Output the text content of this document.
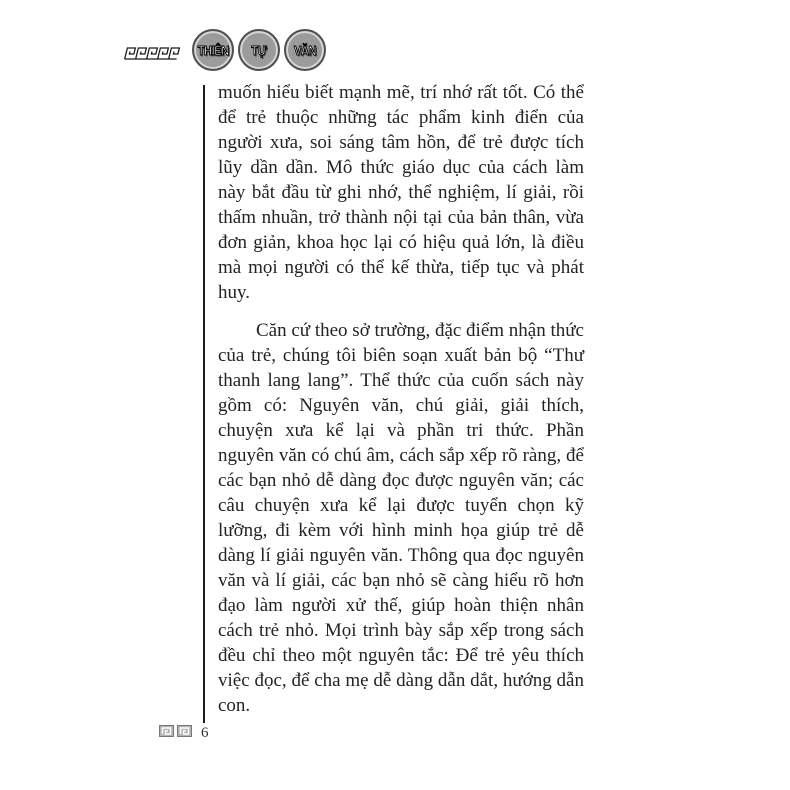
THIÊN TỰ VĂN

muốn hiểu biết mạnh mẽ, trí nhớ rất tốt. Có thể để trẻ thuộc những tác phẩm kinh điển của người xưa, soi sáng tâm hồn, để trẻ được tích lũy dần dần. Mô thức giáo dục của cách làm này bắt đầu từ ghi nhớ, thể nghiệm, lí giải, rồi thấm nhuần, trở thành nội tại của bản thân, vừa đơn giản, khoa học lại có hiệu quả lớn, là điều mà mọi người có thể kế thừa, tiếp tục và phát huy.

Căn cứ theo sở trường, đặc điểm nhận thức của trẻ, chúng tôi biên soạn xuất bản bộ “Thư thanh lang lang”. Thể thức của cuốn sách này gồm có: Nguyên văn, chú giải, giải thích, chuyện xưa kể lại và phần tri thức. Phần nguyên văn có chú âm, cách sắp xếp rõ ràng, để các bạn nhỏ dễ dàng đọc được nguyên văn; các câu chuyện xưa kể lại được tuyển chọn kỹ lưỡng, đi kèm với hình minh họa giúp trẻ dễ dàng lí giải nguyên văn. Thông qua đọc nguyên văn và lí giải, các bạn nhỏ sẽ càng hiểu rõ hơn đạo làm người xử thế, giúp hoàn thiện nhân cách trẻ nhỏ. Mọi trình bày sắp xếp trong sách đều chỉ theo một nguyên tắc: Để trẻ yêu thích việc đọc, để cha mẹ dễ dàng dẫn dắt, hướng dẫn con.

6
